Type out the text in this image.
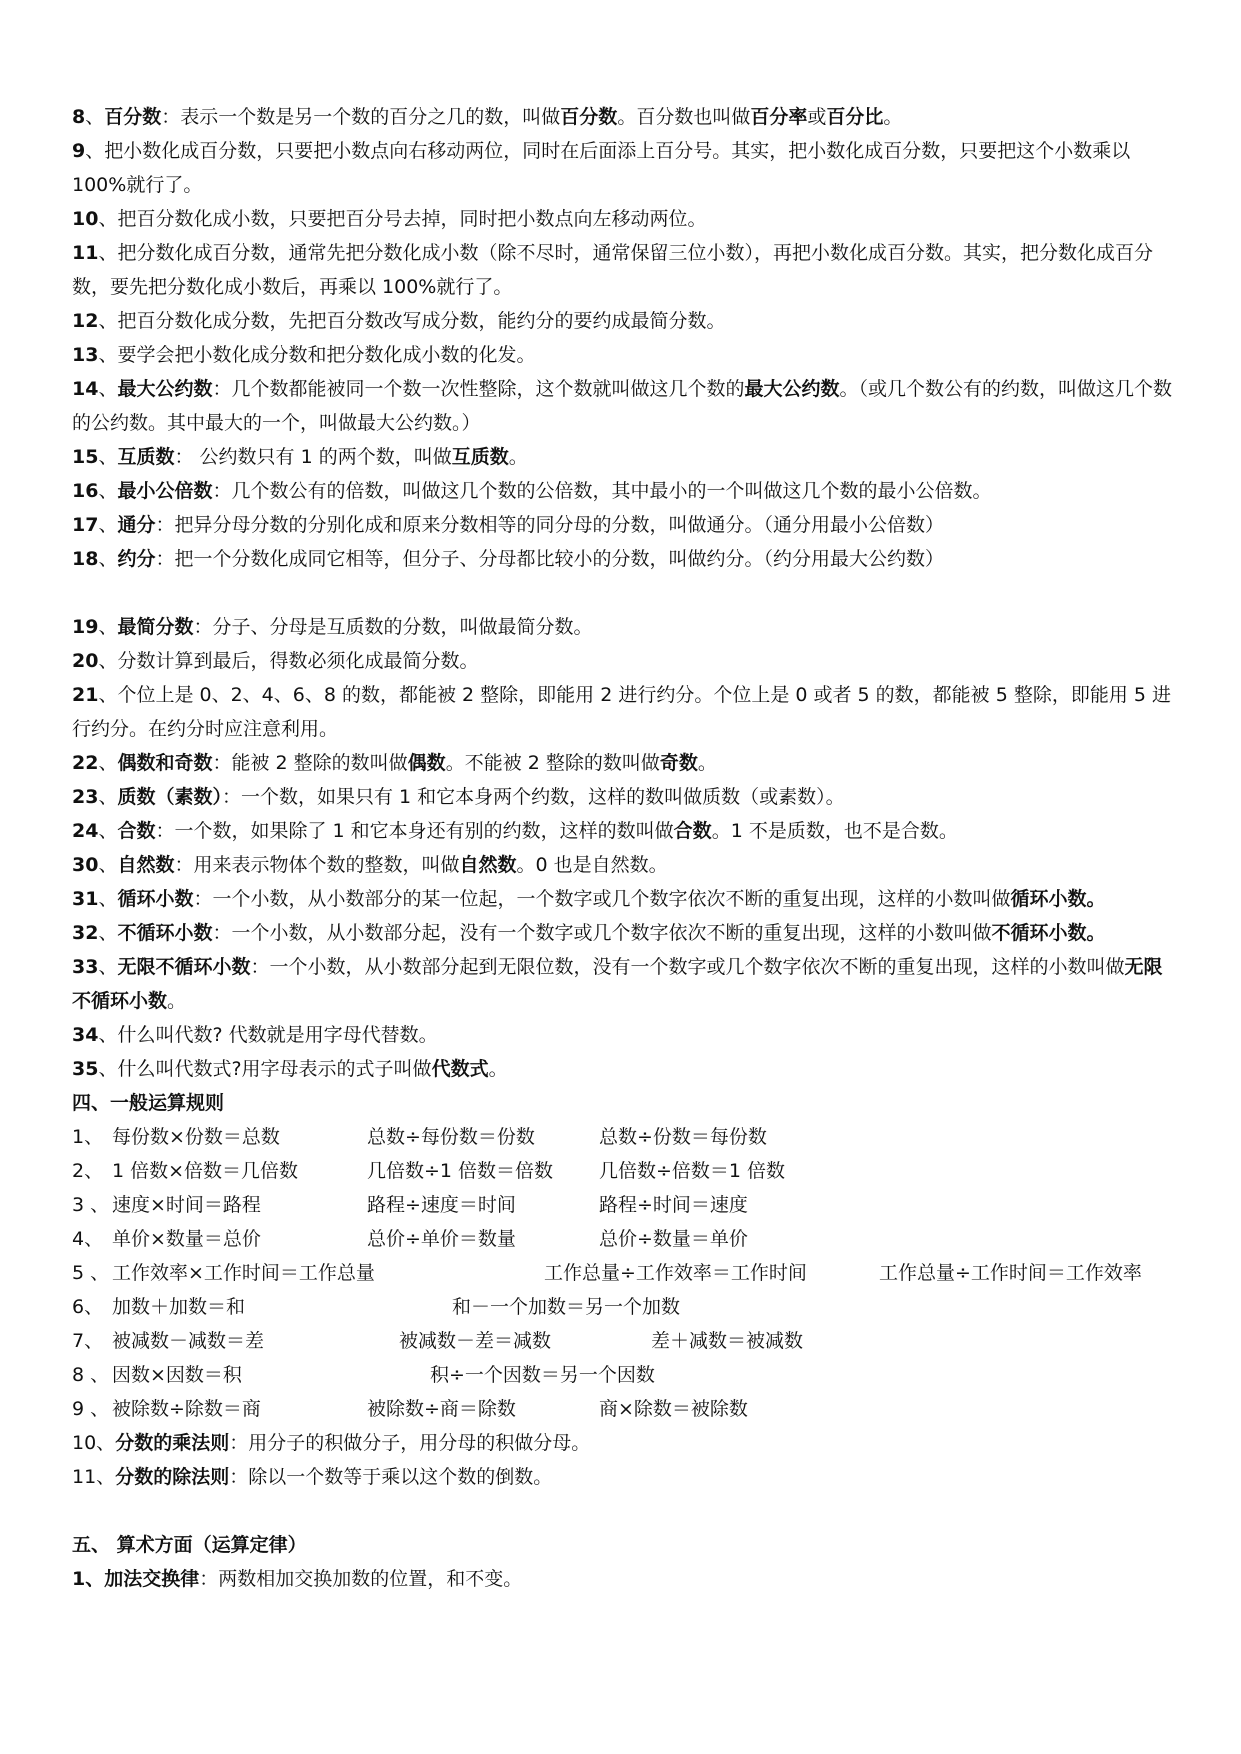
8、百分数：表示一个数是另一个数的百分之几的数，叫做百分数。百分数也叫做百分率或百分比。

9、把小数化成百分数，只要把小数点向右移动两位，同时在后面添上百分号。其实，把小数化成百分数，只要把这个小数乘以 100%就行了。

10、把百分数化成小数，只要把百分号去掉，同时把小数点向左移动两位。

11、把分数化成百分数，通常先把分数化成小数（除不尽时，通常保留三位小数），再把小数化成百分数。其实，把分数化成百分数，要先把分数化成小数后，再乘以 100%就行了。

12、把百分数化成分数，先把百分数改写成分数，能约分的要约成最简分数。

13、要学会把小数化成分数和把分数化成小数的化发。

14、最大公约数：几个数都能被同一个数一次性整除，这个数就叫做这几个数的最大公约数。（或几个数公有的约数，叫做这几个数的公约数。其中最大的一个，叫做最大公约数。）

15、互质数： 公约数只有 1 的两个数，叫做互质数。

16、最小公倍数：几个数公有的倍数，叫做这几个数的公倍数，其中最小的一个叫做这几个数的最小公倍数。

17、通分：把异分母分数的分别化成和原来分数相等的同分母的分数，叫做通分。（通分用最小公倍数）

18、约分：把一个分数化成同它相等，但分子、分母都比较小的分数，叫做约分。（约分用最大公约数）

19、最简分数：分子、分母是互质数的分数，叫做最简分数。

20、分数计算到最后，得数必须化成最简分数。

21、个位上是 0、2、4、6、8 的数，都能被 2 整除，即能用 2 进行约分。个位上是 0 或者 5 的数，都能被 5 整除，即能用 5 进行约分。在约分时应注意利用。

22、偶数和奇数：能被 2 整除的数叫做偶数。不能被 2 整除的数叫做奇数。

23、质数（素数）：一个数，如果只有 1 和它本身两个约数，这样的数叫做质数（或素数）。

24、合数：一个数，如果除了 1 和它本身还有别的约数，这样的数叫做合数。1 不是质数，也不是合数。

30、自然数：用来表示物体个数的整数，叫做自然数。0 也是自然数。

31、循环小数：一个小数，从小数部分的某一位起，一个数字或几个数字依次不断的重复出现，这样的小数叫做循环小数。

32、不循环小数：一个小数，从小数部分起，没有一个数字或几个数字依次不断的重复出现，这样的小数叫做不循环小数。

33、无限不循环小数：一个小数，从小数部分起到无限位数，没有一个数字或几个数字依次不断的重复出现，这样的小数叫做无限不循环小数。

34、什么叫代数? 代数就是用字母代替数。

35、什么叫代数式?用字母表示的式子叫做代数式。

四、一般运算规则

1、 每份数×份数＝总数	总数÷每份数＝份数	总数÷份数＝每份数
2、 1 倍数×倍数＝几倍数	几倍数÷1 倍数＝倍数	几倍数÷倍数＝1 倍数
3 、 速度×时间＝路程	路程÷速度＝时间	路程÷时间＝速度
4、 单价×数量＝总价	总价÷单价＝数量	总价÷数量＝单价
5 、 工作效率×工作时间＝工作总量	工作总量÷工作效率＝工作时间	工作总量÷工作时间＝工作效率
6、 加数＋加数＝和	和－一个加数＝另一个加数
7、 被减数－减数＝差	被减数－差＝减数	差＋减数＝被减数
8 、 因数×因数＝积	积÷一个因数＝另一个因数
9 、 被除数÷除数＝商	被除数÷商＝除数	商×除数＝被除数

10、分数的乘法则：用分子的积做分子，用分母的积做分母。

11、分数的除法则：除以一个数等于乘以这个数的倒数。

五、 算术方面（运算定律）

1、加法交换律：两数相加交换加数的位置，和不变。
